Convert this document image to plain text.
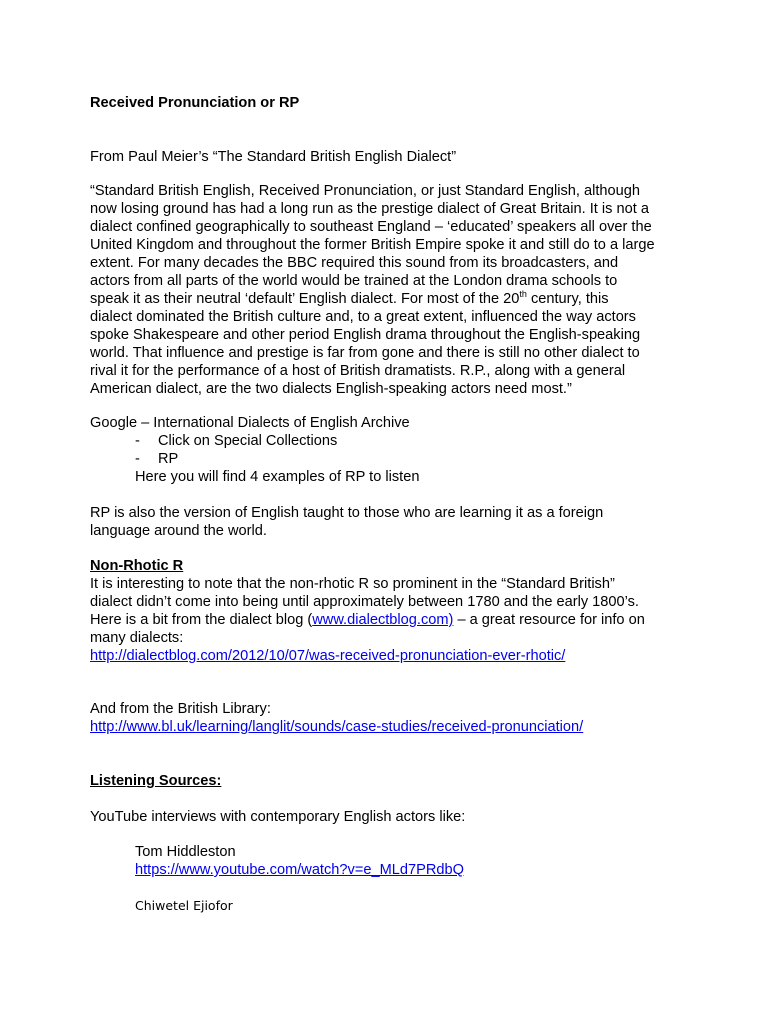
Received Pronunciation or RP
From Paul Meier’s “The Standard British English Dialect”
“Standard British English, Received Pronunciation, or just Standard English, although
now losing ground has had a long run as the prestige dialect of Great Britain. It is not a
dialect confined geographically to southeast England – ‘educated’ speakers all over the
United Kingdom and throughout the former British Empire spoke it and still do to a large
extent. For many decades the BBC required this sound from its broadcasters, and
actors from all parts of the world would be trained at the London drama schools to
speak it as their neutral ‘default’ English dialect. For most of the 20th century, this
dialect dominated the British culture and, to a great extent, influenced the way actors
spoke Shakespeare and other period English drama throughout the English-speaking
world. That influence and prestige is far from gone and there is still no other dialect to
rival it for the performance of a host of British dramatists. R.P., along with a general
American dialect, are the two dialects English-speaking actors need most.”
Google – International Dialects of English Archive
- Click on Special Collections
- RP
Here you will find 4 examples of RP to listen
RP is also the version of English taught to those who are learning it as a foreign
language around the world.
Non-Rhotic R
It is interesting to note that the non-rhotic R so prominent in the “Standard British”
dialect didn’t come into being until approximately between 1780 and the early 1800’s.
Here is a bit from the dialect blog (www.dialectblog.com) – a great resource for info on
many dialects:
http://dialectblog.com/2012/10/07/was-received-pronunciation-ever-rhotic/
And from the British Library:
http://www.bl.uk/learning/langlit/sounds/case-studies/received-pronunciation/
Listening Sources:
YouTube interviews with contemporary English actors like:
Tom Hiddleston
https://www.youtube.com/watch?v=e_MLd7PRdbQ
Chiwetel Ejiofor
